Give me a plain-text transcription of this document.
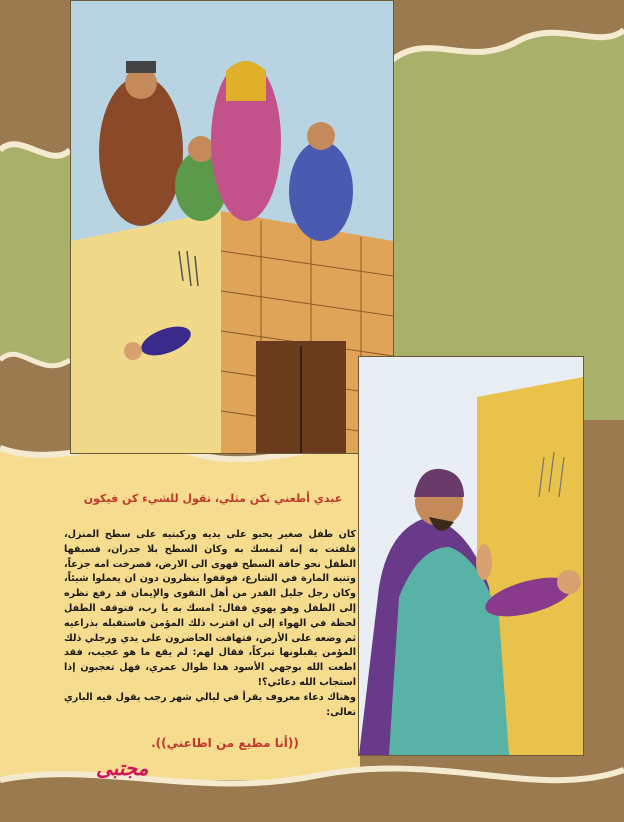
عبدي أطعني تكن مثلي، تقول للشيء كن فيكون
كان طفل صغير يحبو على يديه وركبتيه على سطح المنزل، فلفتت به إنه لتمسك به وكان السطح بلا جدران، فسبقها الطفل نحو حافة السطح فهوى الى الارض، فصرخت امه جزعاً، وتنبه المارة في الشارع، فوقفوا ينظرون دون ان يعملوا شيئاً، وكان رجل جليل القدر من أهل التقوى والإيمان قد رفع نظره إلى الطفل وهو يهوي فقال: امسك به يا رب، فتوقف الطفل لحظة في الهواء إلى ان اقترب ذلك المؤمن فاستقبله بذراعيه ثم وضعه على الأرض، فتهافت الحاضرون على يدي ورجلي ذلك المؤمن يقبلونها تبركاً، فقال لهم: لم يقع ما هو عجيب، فقد اطعت الله بوجهي الأسود هذا طوال عمري، فهل تعجبون إذا استجاب الله دعائي؟!
وهناك دعاء معروف يقرأ في ليالي شهر رجب يقول فيه الباري تعالى:
((أنا مطيع من اطاعني)).
مجتبى
